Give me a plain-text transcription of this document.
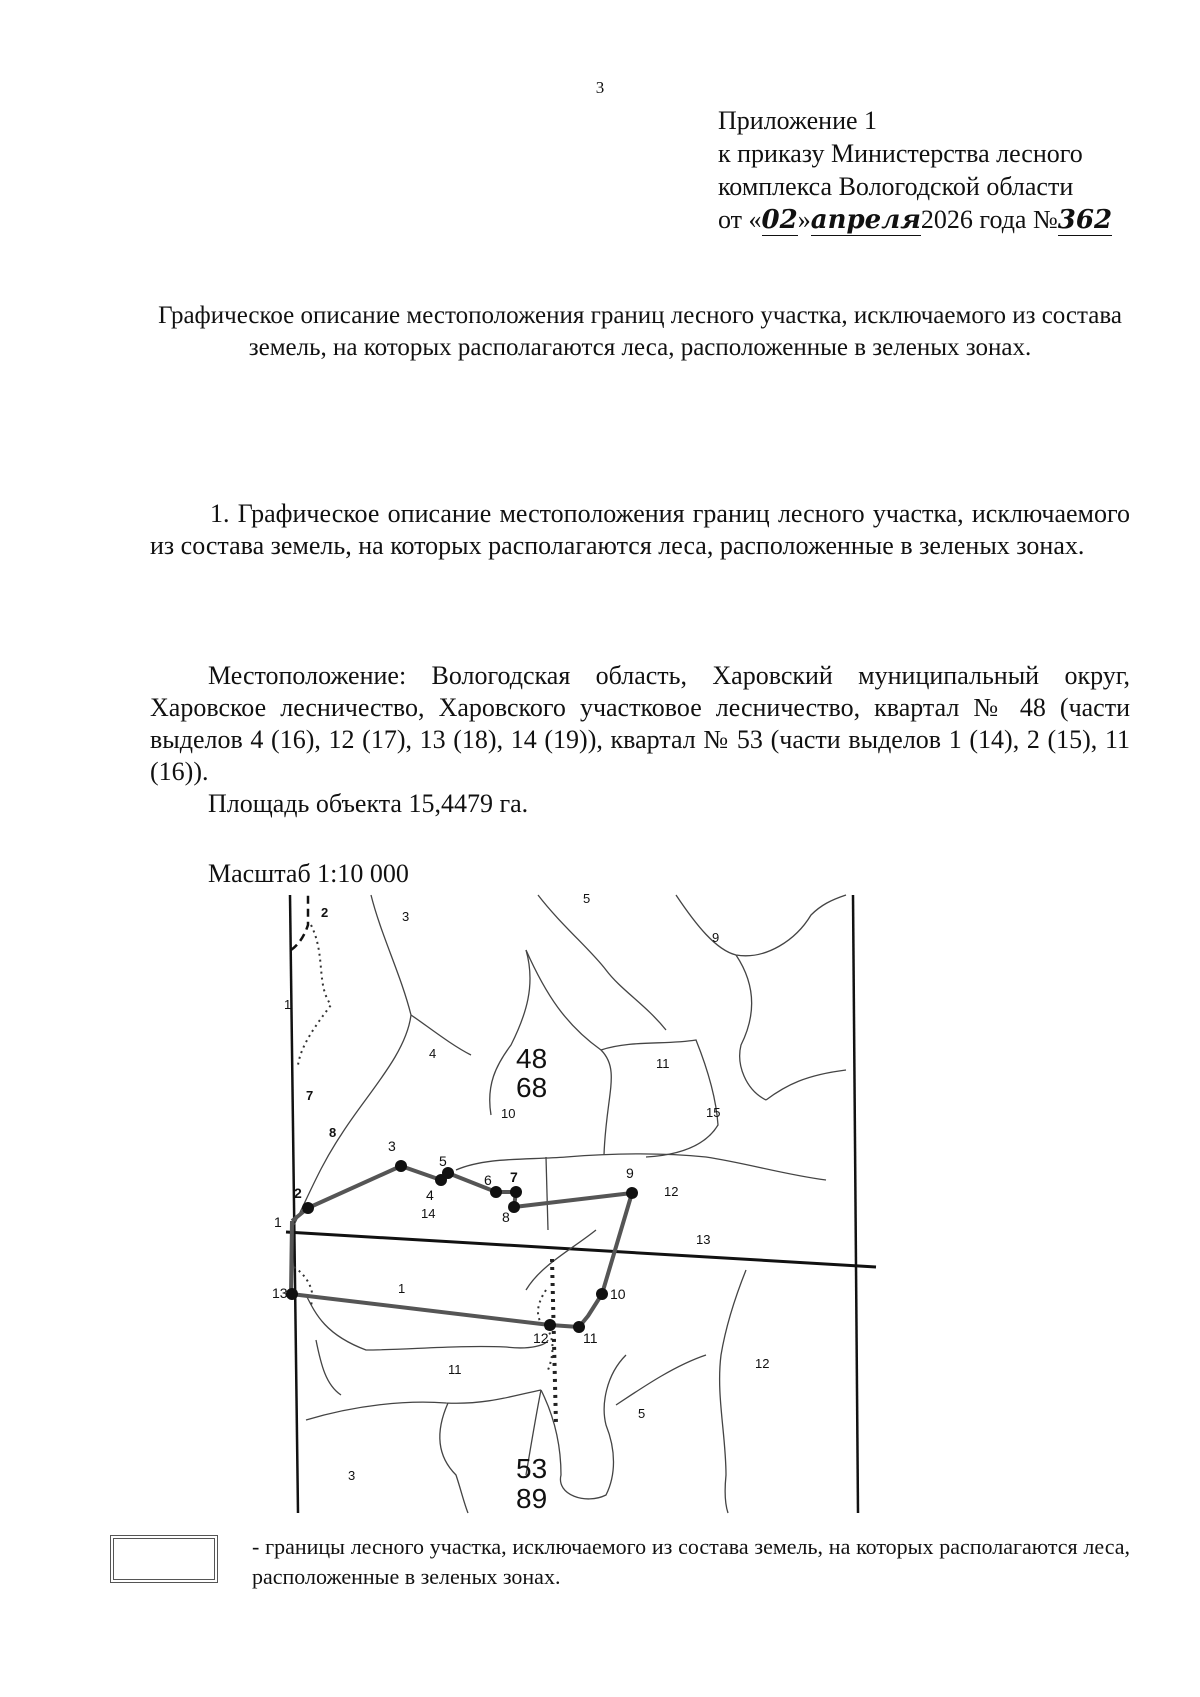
3
Приложение 1
к приказу Министерства лесного
комплекса Вологодской области
от «02»апреля2026 года №362
Графическое описание местоположения границ лесного участка, исключаемого из состава земель, на которых располагаются леса, расположенные в зеленых зонах.
1. Графическое описание местоположения границ лесного участка, исключаемого из состава земель, на которых располагаются леса, расположенные в зеленых зонах.
Местоположение: Вологодская область, Харовский муниципальный округ, Харовское лесничество, Харовского участковое лесничество, квартал № 48 (части выделов 4 (16), 12 (17), 13 (18), 14 (19)), квартал № 53 (части выделов 1 (14), 2 (15), 11 (16)).
Площадь объекта 15,4479 га.
Масштаб 1:10 000
48
68
53
89
1
2	3
4
5
7
8
9
10
11
15
12
13
14
1
11	12
5
3
1
2
3
4
5
6 7
8
9
10
11
12
13
- границы лесного участка, исключаемого из состава земель, на которых располагаются леса, расположенные в зеленых зонах.
